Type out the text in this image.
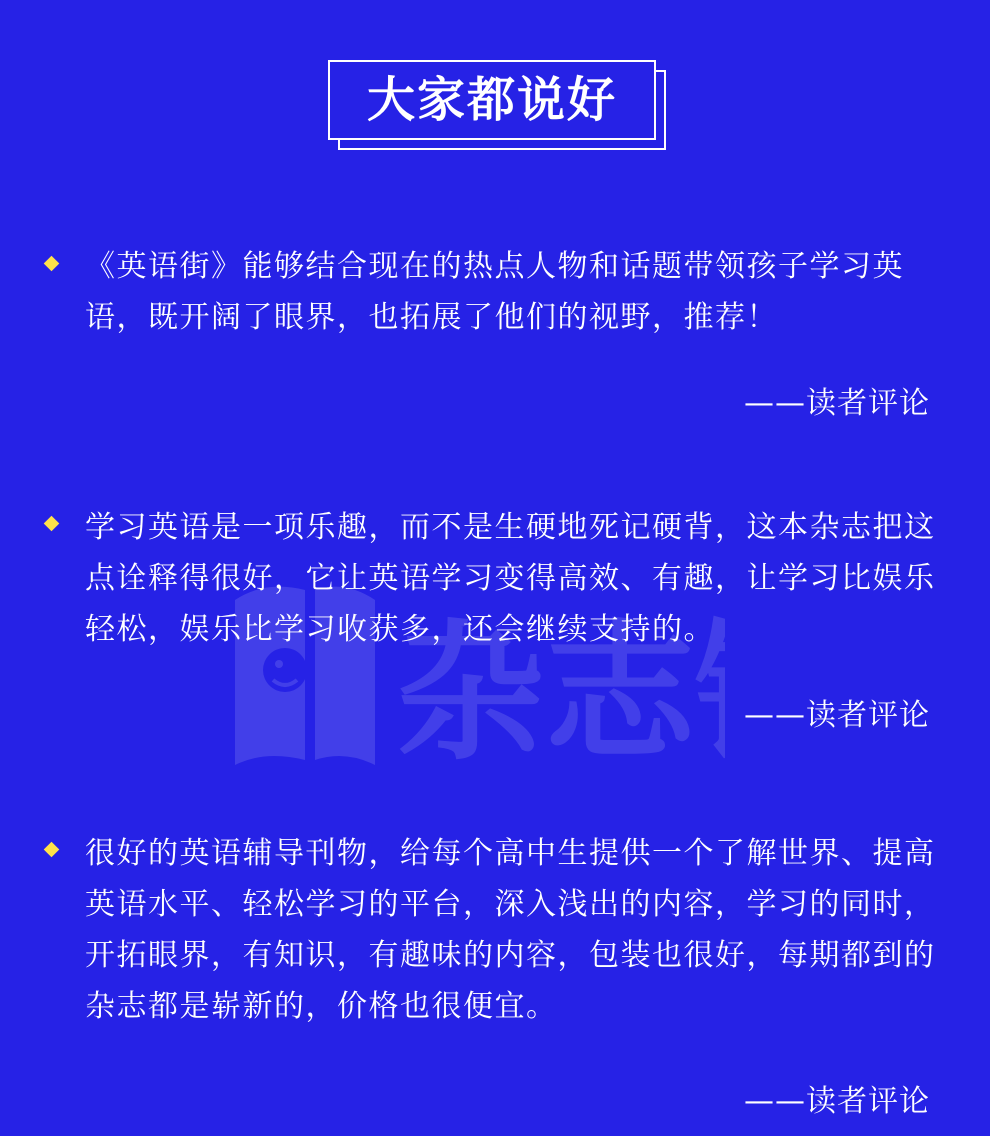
大家都说好
杂志

《英语街》能够结合现在的热点人物和话题带领孩子学习英语，既开阔了眼界，也拓展了他们的视野，推荐！

——读者评论

学习英语是一项乐趣，而不是生硬地死记硬背，这本杂志把这点诠释得很好，它让英语学习变得高效、有趣，让学习比娱乐轻松，娱乐比学习收获多，还会继续支持的。

——读者评论

很好的英语辅导刊物，给每个高中生提供一个了解世界、提高英语水平、轻松学习的平台，深入浅出的内容，学习的同时，开拓眼界，有知识，有趣味的内容，包装也很好，每期都到的杂志都是崭新的，价格也很便宜。

——读者评论
